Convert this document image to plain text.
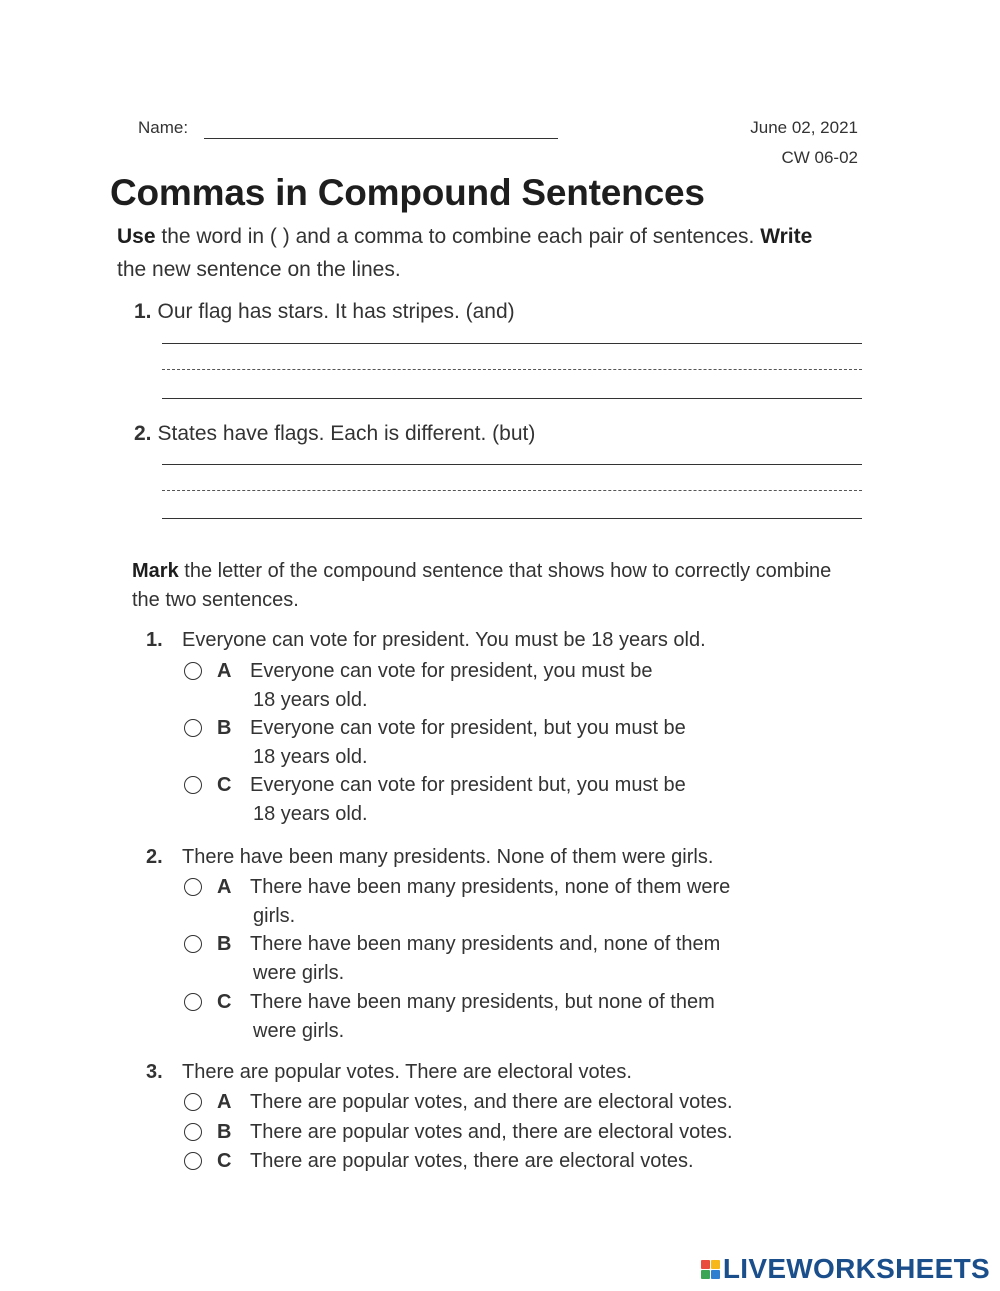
Name:	June 02, 2021
CW 06-02
Commas in Compound Sentences
Use the word in ( ) and a comma to combine each pair of sentences. Write the new sentence on the lines.
1. Our flag has stars. It has stripes. (and)
2. States have flags. Each is different. (but)
Mark the letter of the compound sentence that shows how to correctly combine the two sentences.
1. Everyone can vote for president. You must be 18 years old.
A Everyone can vote for president, you must be
18 years old.
B Everyone can vote for president, but you must be
18 years old.
C Everyone can vote for president but, you must be
18 years old.
2. There have been many presidents. None of them were girls.
A There have been many presidents, none of them were
girls.
B There have been many presidents and, none of them
were girls.
C There have been many presidents, but none of them
were girls.
3. There are popular votes. There are electoral votes.
A There are popular votes, and there are electoral votes.
B There are popular votes and, there are electoral votes.
C There are popular votes, there are electoral votes.
LIVEWORKSHEETS
